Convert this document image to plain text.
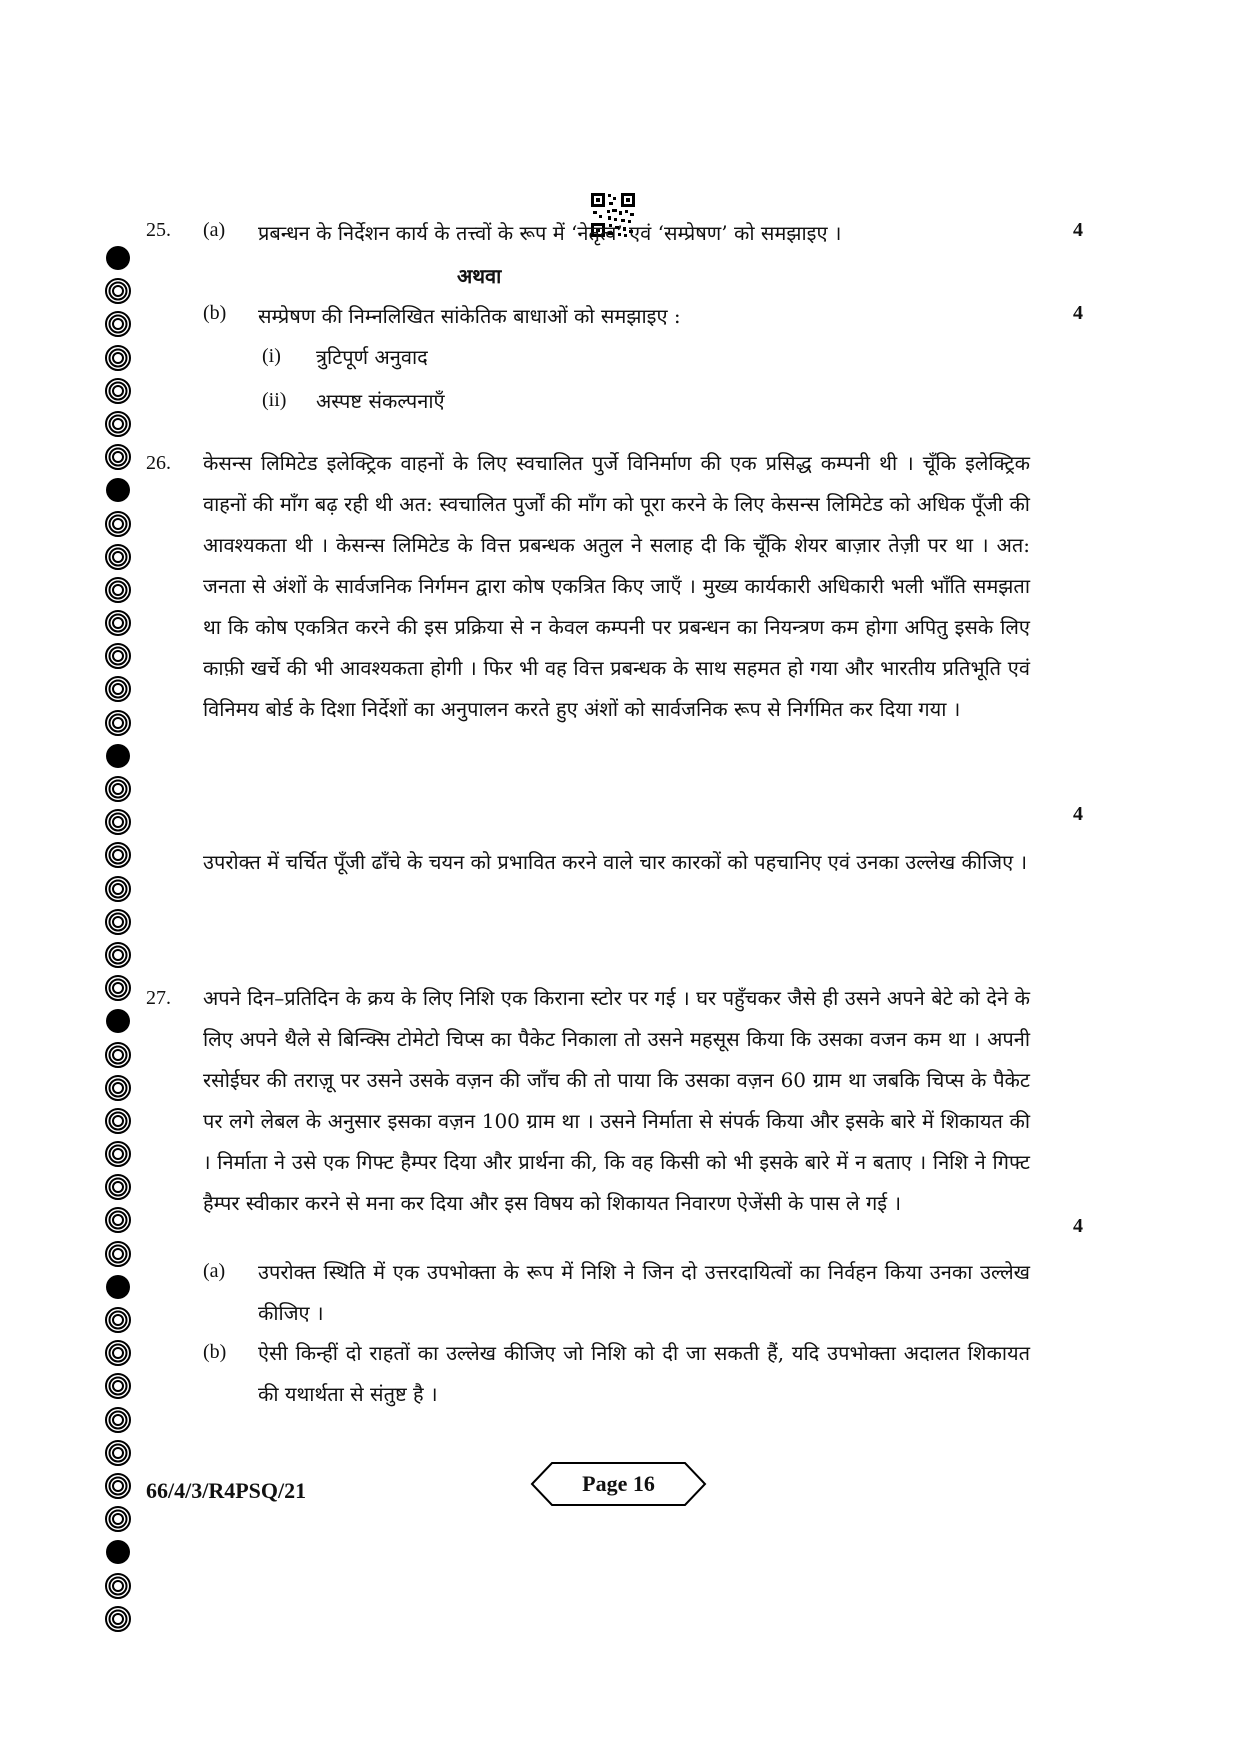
25. (a) प्रबन्धन के निर्देशन कार्य के तत्त्वों के रूप में ‘नेतृत्व’ एवं ‘सम्प्रेषण’ को समझाइए ।	4
अथवा
(b) सम्प्रेषण की निम्नलिखित सांकेतिक बाधाओं को समझाइए :	4
(i) त्रुटिपूर्ण अनुवाद
(ii) अस्पष्ट संकल्पनाएँ
26. केसन्स लिमिटेड इलेक्ट्रिक वाहनों के लिए स्वचालित पुर्जे विनिर्माण की एक प्रसिद्ध कम्पनी थी । चूँकि इलेक्ट्रिक वाहनों की माँग बढ़ रही थी अत: स्वचालित पुर्जों की माँग को पूरा करने के लिए केसन्स लिमिटेड को अधिक पूँजी की आवश्यकता थी । केसन्स लिमिटेड के वित्त प्रबन्धक अतुल ने सलाह दी कि चूँकि शेयर बाज़ार तेज़ी पर था । अत: जनता से अंशों के सार्वजनिक निर्गमन द्वारा कोष एकत्रित किए जाएँ । मुख्य कार्यकारी अधिकारी भली भाँति समझता था कि कोष एकत्रित करने की इस प्रक्रिया से न केवल कम्पनी पर प्रबन्धन का नियन्त्रण कम होगा अपितु इसके लिए काफ़ी खर्चे की भी आवश्यकता होगी । फिर भी वह वित्त प्रबन्धक के साथ सहमत हो गया और भारतीय प्रतिभूति एवं विनिमय बोर्ड के दिशा निर्देशों का अनुपालन करते हुए अंशों को सार्वजनिक रूप से निर्गमित कर दिया गया ।
4
उपरोक्त में चर्चित पूँजी ढाँचे के चयन को प्रभावित करने वाले चार कारकों को पहचानिए एवं उनका उल्लेख कीजिए ।
27. अपने दिन–प्रतिदिन के क्रय के लिए निशि एक किराना स्टोर पर गई । घर पहुँचकर जैसे ही उसने अपने बेटे को देने के लिए अपने थैले से बिन्क्सि टोमेटो चिप्स का पैकेट निकाला तो उसने महसूस किया कि उसका वजन कम था । अपनी रसोईघर की तराज़ू पर उसने उसके वज़न की जाँच की तो पाया कि उसका वज़न 60 ग्राम था जबकि चिप्स के पैकेट पर लगे लेबल के अनुसार इसका वज़न 100 ग्राम था । उसने निर्माता से संपर्क किया और इसके बारे में शिकायत की । निर्माता ने उसे एक गिफ्ट हैम्पर दिया और प्रार्थना की, कि वह किसी को भी इसके बारे में न बताए । निशि ने गिफ्ट हैम्पर स्वीकार करने से मना कर दिया और इस विषय को शिकायत निवारण ऐजेंसी के पास ले गई ।
4
(a) उपरोक्त स्थिति में एक उपभोक्ता के रूप में निशि ने जिन दो उत्तरदायित्वों का निर्वहन किया उनका उल्लेख कीजिए ।
(b) ऐसी किन्हीं दो राहतों का उल्लेख कीजिए जो निशि को दी जा सकती हैं, यदि उपभोक्ता अदालत शिकायत की यथार्थता से संतुष्ट है ।
66/4/3/R4PSQ/21	Page 16
